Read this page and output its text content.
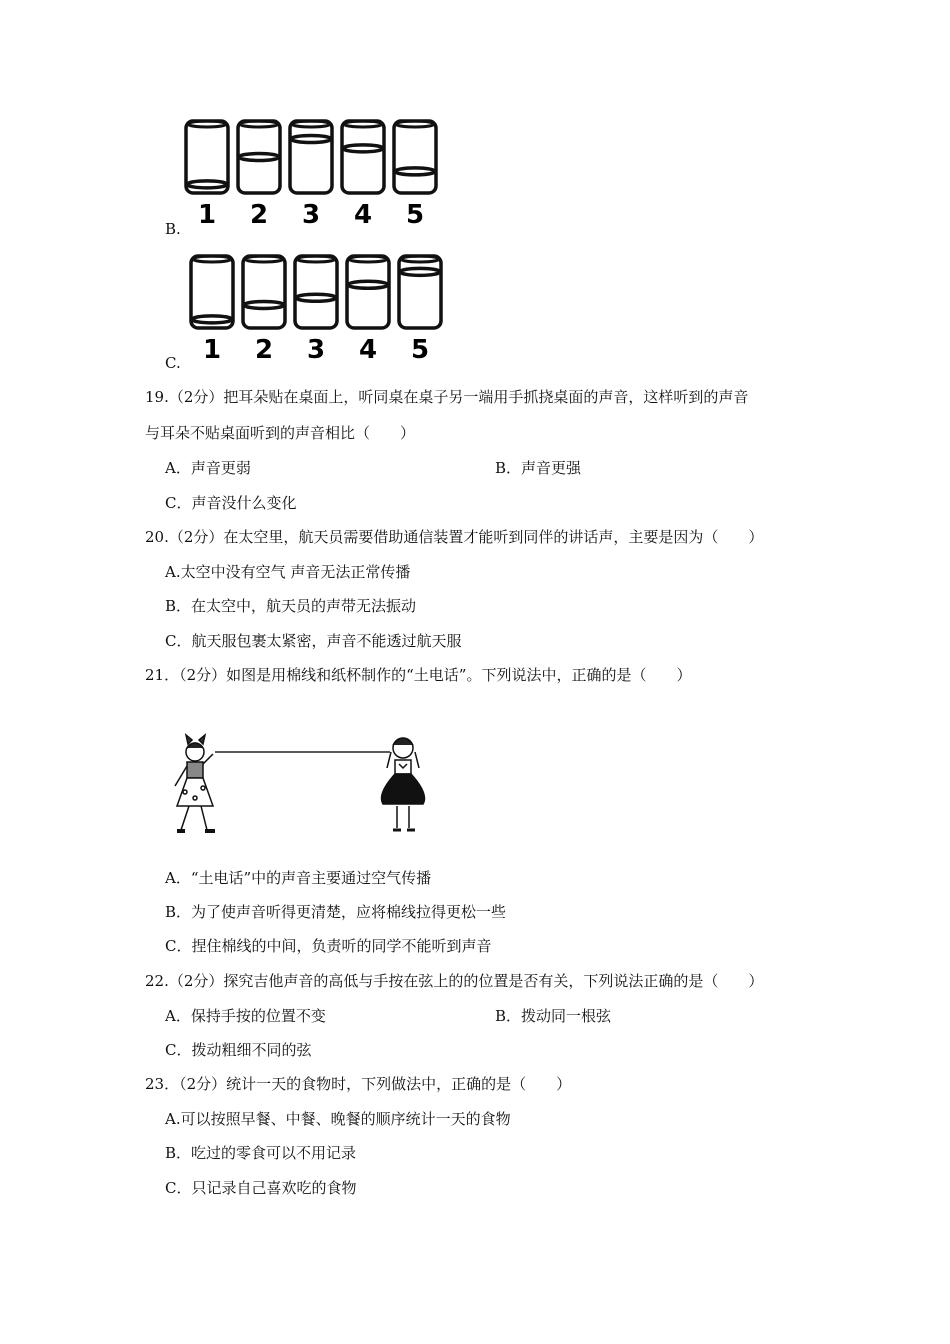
1 2 3 4 5
B.
1 2 3 4 5
C.
19.（2分）把耳朵贴在桌面上，听同桌在桌子另一端用手抓挠桌面的声音，这样听到的声音
与耳朵不贴桌面听到的声音相比（　　）
A．声音更弱	B．声音更强
C．声音没什么变化
20.（2分）在太空里，航天员需要借助通信装置才能听到同伴的讲话声，主要是因为（　　）
A.太空中没有空气 声音无法正常传播
B．在太空中，航天员的声带无法振动
C．航天服包裹太紧密，声音不能透过航天服
21．（2分）如图是用棉线和纸杯制作的“土电话”。下列说法中，正确的是（　　）
A．“土电话”中的声音主要通过空气传播
B．为了使声音听得更清楚，应将棉线拉得更松一些
C．捏住棉线的中间，负责听的同学不能听到声音
22.（2分）探究吉他声音的高低与手按在弦上的的位置是否有关，下列说法正确的是（　　）
A．保持手按的位置不变	B．拨动同一根弦
C．拨动粗细不同的弦
23．（2分）统计一天的食物时，下列做法中，正确的是（　　）
A.可以按照早餐、中餐、晚餐的顺序统计一天的食物
B．吃过的零食可以不用记录
C．只记录自己喜欢吃的食物
